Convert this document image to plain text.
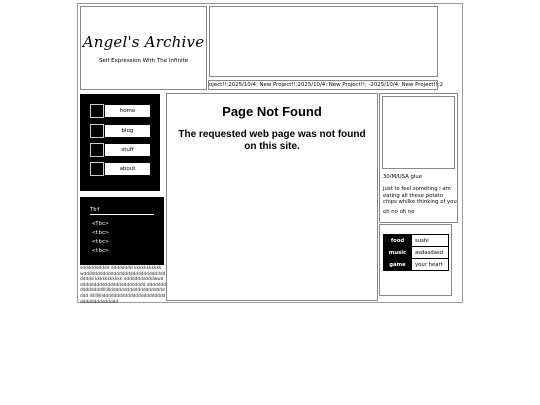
Angel's Archive
Self Expression With The Infinite
oject!!;2025/10/4: New Project!!;2025/10/4: New Project!!; -2025/10/4: New Project!!;2
home
blog
stuff
about
Tbf
<Tbc>
<tbc>
<tbc>
<tbc>
sdddddddddd dddddddd kkkkkkkkkkk wddddddddddddddddddddddddddddddddddd kkkkkkkkkkk dddddddddddwwddddddddddddddddddddddddd dddddddddddddddlllllllddddddddddddddddddddddd lllllllllllddddddddddddddddddddddddddddddddddddd
Page Not Found

The requested web page was not found on this site.

30/M/USA glue
just to feel someting i am eating all these potato chips whilke thinking of you
oh no oh no
food	sushi
music	asdasdasd
game	your heart
